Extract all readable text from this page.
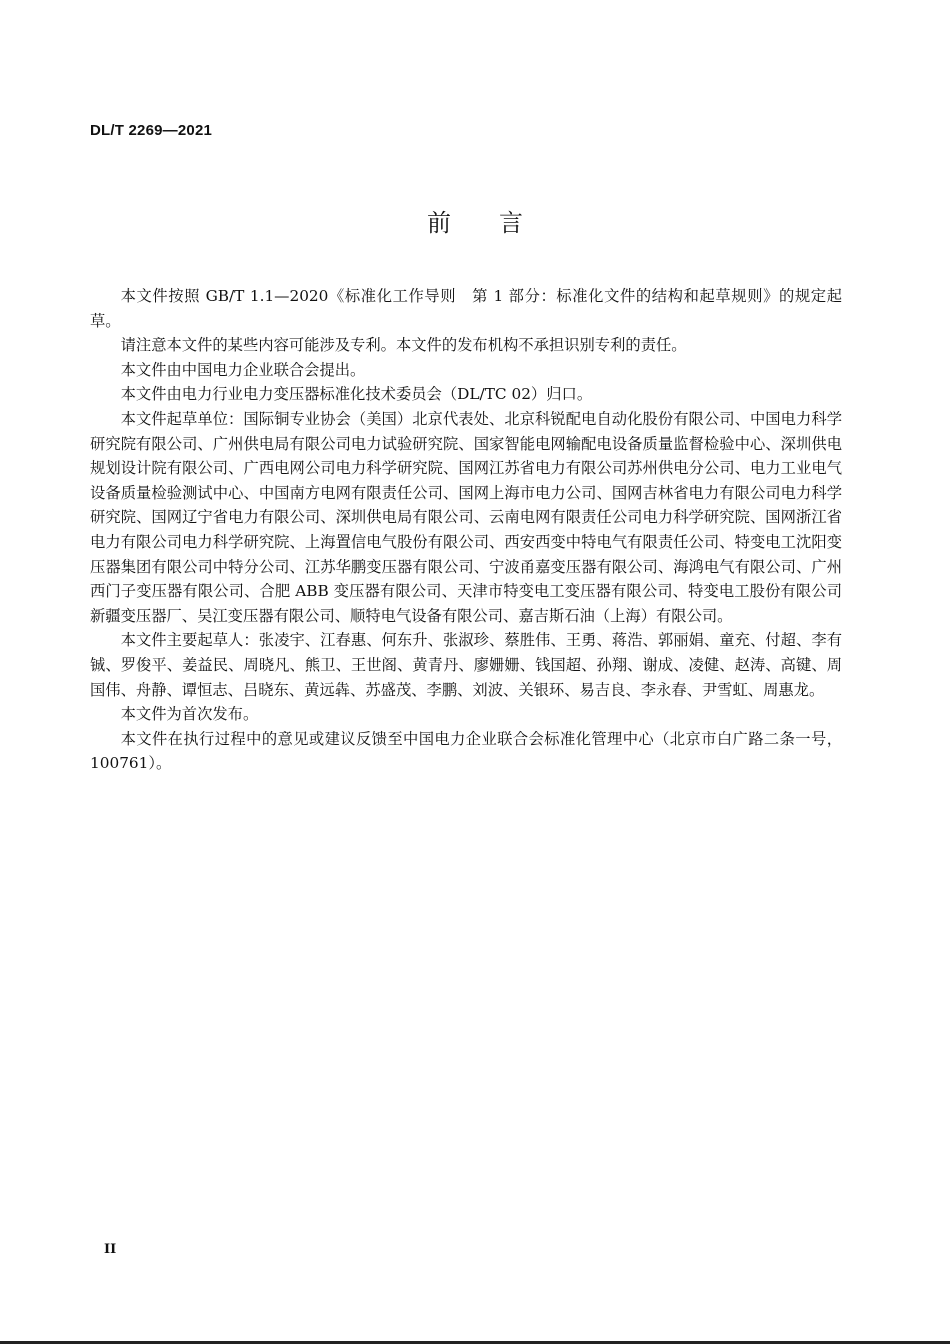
DL/T 2269—2021
前　　言

本文件按照 GB/T 1.1—2020《标准化工作导则　第 1 部分：标准化文件的结构和起草规则》的规定起草。

请注意本文件的某些内容可能涉及专利。本文件的发布机构不承担识别专利的责任。

本文件由中国电力企业联合会提出。

本文件由电力行业电力变压器标准化技术委员会（DL/TC 02）归口。

本文件起草单位：国际铜专业协会（美国）北京代表处、北京科锐配电自动化股份有限公司、中国电力科学研究院有限公司、广州供电局有限公司电力试验研究院、国家智能电网输配电设备质量监督检验中心、深圳供电规划设计院有限公司、广西电网公司电力科学研究院、国网江苏省电力有限公司苏州供电分公司、电力工业电气设备质量检验测试中心、中国南方电网有限责任公司、国网上海市电力公司、国网吉林省电力有限公司电力科学研究院、国网辽宁省电力有限公司、深圳供电局有限公司、云南电网有限责任公司电力科学研究院、国网浙江省电力有限公司电力科学研究院、上海置信电气股份有限公司、西安西变中特电气有限责任公司、特变电工沈阳变压器集团有限公司中特分公司、江苏华鹏变压器有限公司、宁波甬嘉变压器有限公司、海鸿电气有限公司、广州西门子变压器有限公司、合肥 ABB 变压器有限公司、天津市特变电工变压器有限公司、特变电工股份有限公司新疆变压器厂、吴江变压器有限公司、顺特电气设备有限公司、嘉吉斯石油（上海）有限公司。

本文件主要起草人：张凌宇、江春惠、何东升、张淑珍、蔡胜伟、王勇、蒋浩、郭丽娟、童充、付超、李有铖、罗俊平、姜益民、周晓凡、熊卫、王世阁、黄青丹、廖姗姗、钱国超、孙翔、谢成、凌健、赵涛、高键、周国伟、舟静、谭恒志、吕晓东、黄远犇、苏盛茂、李鹏、刘波、关银环、易吉良、李永春、尹雪虹、周惠龙。

本文件为首次发布。

本文件在执行过程中的意见或建议反馈至中国电力企业联合会标准化管理中心（北京市白广路二条一号，100761）。

II
